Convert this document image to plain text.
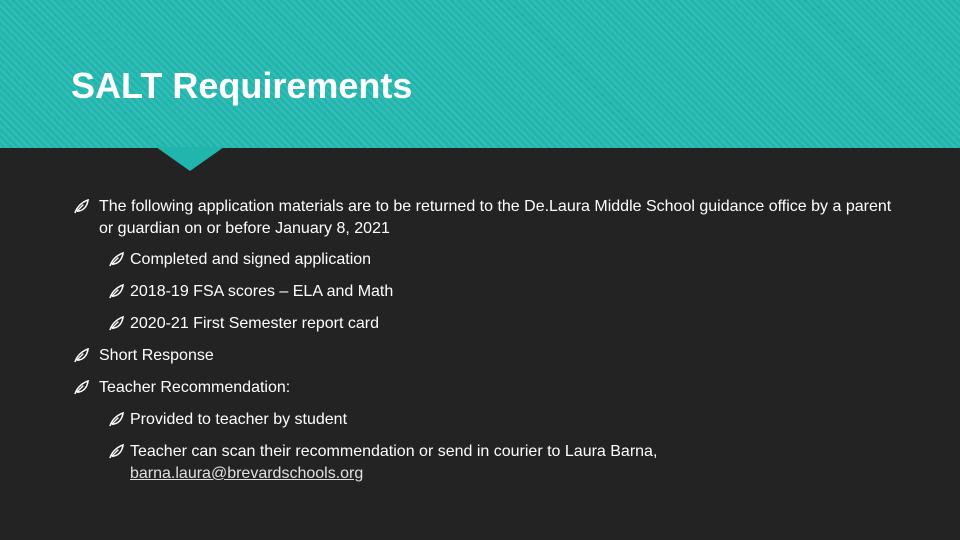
SALT Requirements
The following application materials are to be returned to the De.Laura Middle School guidance office by a parent or guardian on or before January 8, 2021
Completed and signed application
2018-19 FSA scores – ELA and Math
2020-21 First Semester report card
Short Response
Teacher Recommendation:
Provided to teacher by student
Teacher can scan their recommendation or send in courier to Laura Barna,
barna.laura@brevardschools.org
